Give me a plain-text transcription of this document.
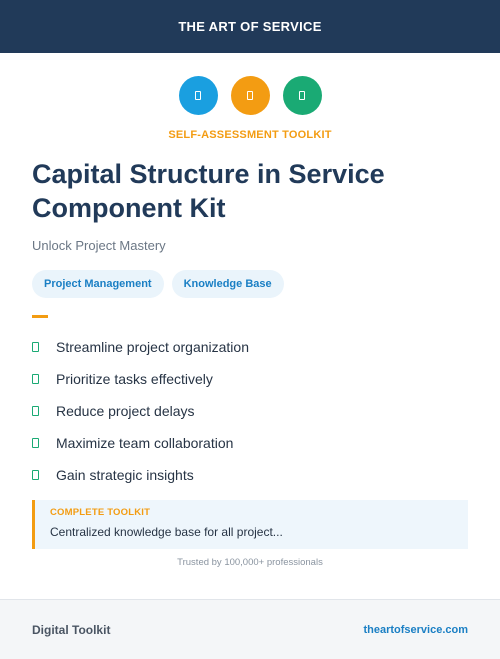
THE ART OF SERVICE
SELF-ASSESSMENT TOOLKIT
Capital Structure in Service
Component Kit
Unlock Project Mastery
Project Management	Knowledge Base
Streamline project organization
Prioritize tasks effectively
Reduce project delays
Maximize team collaboration
Gain strategic insights
COMPLETE TOOLKIT
Centralized knowledge base for all project...
Trusted by 100,000+ professionals
Digital Toolkit	theartofservice.com
